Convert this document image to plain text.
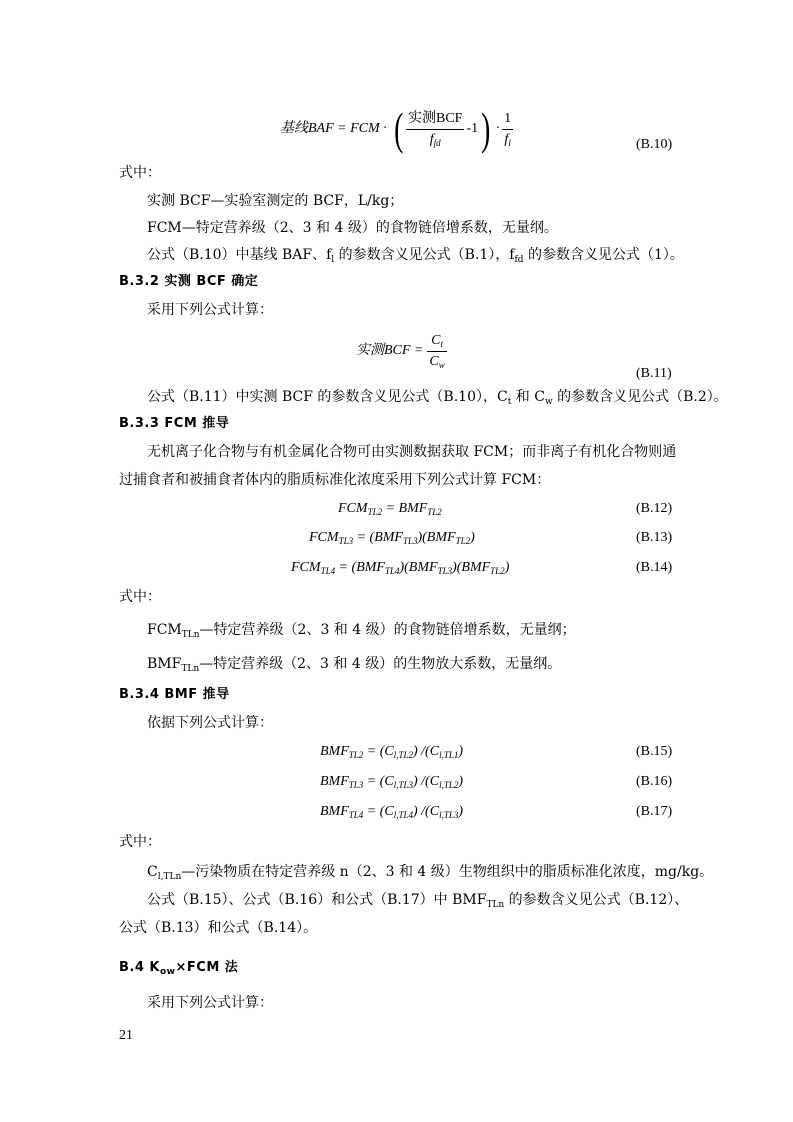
基线BAF = FCM · ( $\frac{\text{实测BCF}}{f_{fd}} -1$ ) · $\frac{1}{f_l}$	(B.10)
式中：
实测 BCF—实验室测定的 BCF，L/kg；
FCM—特定营养级（2、3 和 4 级）的食物链倍增系数，无量纲。
公式（B.10）中基线 BAF、$f_l$ 的参数含义见公式（B.1），$f_{fd}$ 的参数含义见公式（1）。
B.3.2 实测 BCF 确定
采用下列公式计算：
实测BCF = $\frac{C_t}{C_w}$
(B.11)
公式（B.11）中实测 BCF 的参数含义见公式（B.10），$C_t$ 和 $C_w$ 的参数含义见公式（B.2）。
B.3.3 FCM 推导
无机离子化合物与有机金属化合物可由实测数据获取 FCM；而非离子有机化合物则通
过捕食者和被捕食者体内的脂质标准化浓度采用下列公式计算 FCM：
$FCM_{TL2} = BMF_{TL2}$	(B.12)
$FCM_{TL3} = (BMF_{TL3})(BMF_{TL2})$	(B.13)
$FCM_{TL4} = (BMF_{TL4})(BMF_{TL3})(BMF_{TL2})$	(B.14)
式中：
$FCM_{TLn}—$特定营养级（2、3 和 4 级）的食物链倍增系数，无量纲；
$BMF_{TLn}—$特定营养级（2、3 和 4 级）的生物放大系数，无量纲。
B.3.4 BMF 推导
依据下列公式计算：
$BMF_{TL2} = (C_{l,TL2})$ $/(C_{l,TL1})$	(B.15)
$BMF_{TL3} = (C_{l,TL3})$ $/(C_{l,TL2})$	(B.16)
$BMF_{TL4} = (C_{l,TL4})$ $/(C_{l,TL3})$	(B.17)
式中：
$C_{l,TLn}—$污染物质在特定营养级 n（2、3 和 4 级）生物组织中的脂质标准化浓度，mg/kg。
公式（B.15）、公式（B.16）和公式（B.17）中 $BMF_{TLn}$ 的参数含义见公式（B.12）、
公式（B.13）和公式（B.14）。
B.4 $K_{ow}\times FCM$ 法
采用下列公式计算：
21
